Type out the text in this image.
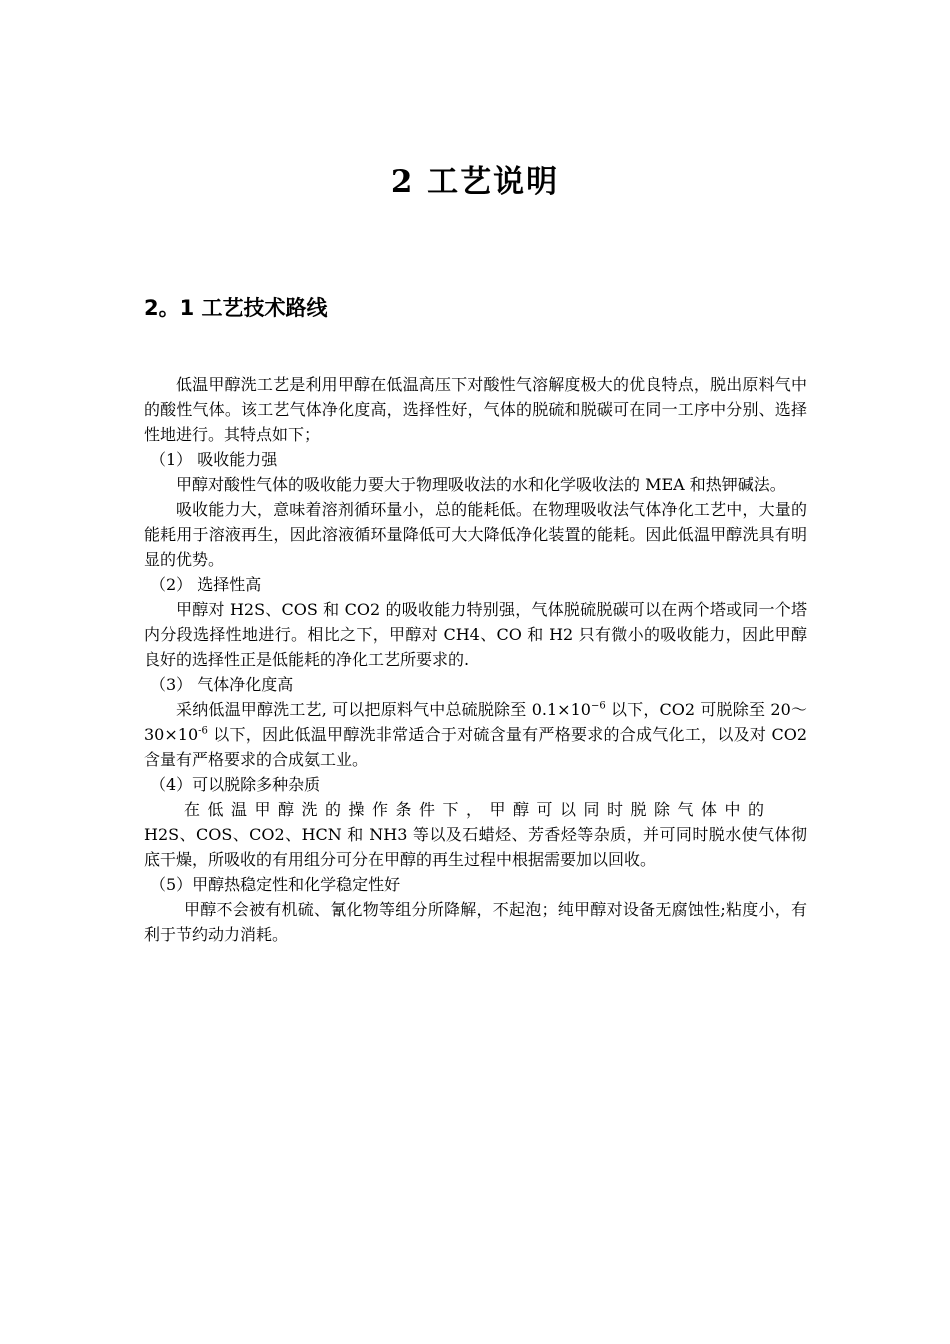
2 工艺说明
2。1 工艺技术路线

低温甲醇洗工艺是利用甲醇在低温高压下对酸性气溶解度极大的优良特点，脱出原料气中的酸性气体。该工艺气体净化度高，选择性好，气体的脱硫和脱碳可在同一工序中分别、选择性地进行。其特点如下；

（1） 吸收能力强

甲醇对酸性气体的吸收能力要大于物理吸收法的水和化学吸收法的 MEA 和热钾碱法。

吸收能力大，意味着溶剂循环量小，总的能耗低。在物理吸收法气体净化工艺中，大量的能耗用于溶液再生，因此溶液循环量降低可大大降低净化装置的能耗。因此低温甲醇洗具有明显的优势。

（2） 选择性高

甲醇对 H2S、COS 和 CO2 的吸收能力特别强，气体脱硫脱碳可以在两个塔或同一个塔内分段选择性地进行。相比之下，甲醇对 CH4、CO 和 H2 只有微小的吸收能力，因此甲醇良好的选择性正是低能耗的净化工艺所要求的.

（3） 气体净化度高

采纳低温甲醇洗工艺, 可以把原料气中总硫脱除至 $0.1\times 10^{-6}$ 以下，CO2 可脱除至 $20\sim 30\times 10^{-6}$ 以下，因此低温甲醇洗非常适合于对硫含量有严格要求的合成气化工，以及对 CO2 含量有严格要求的合成氨工业。

（4）可以脱除多种杂质

在低温甲醇洗的操作条件下，甲醇可以同时脱除气体中的

H2S、COS、CO2、HCN 和 NH3 等以及石蜡烃、芳香烃等杂质，并可同时脱水使气体彻底干燥，所吸收的有用组分可分在甲醇的再生过程中根据需要加以回收。

（5）甲醇热稳定性和化学稳定性好

甲醇不会被有机硫、氰化物等组分所降解，不起泡；纯甲醇对设备无腐蚀性;粘度小，有利于节约动力消耗。
